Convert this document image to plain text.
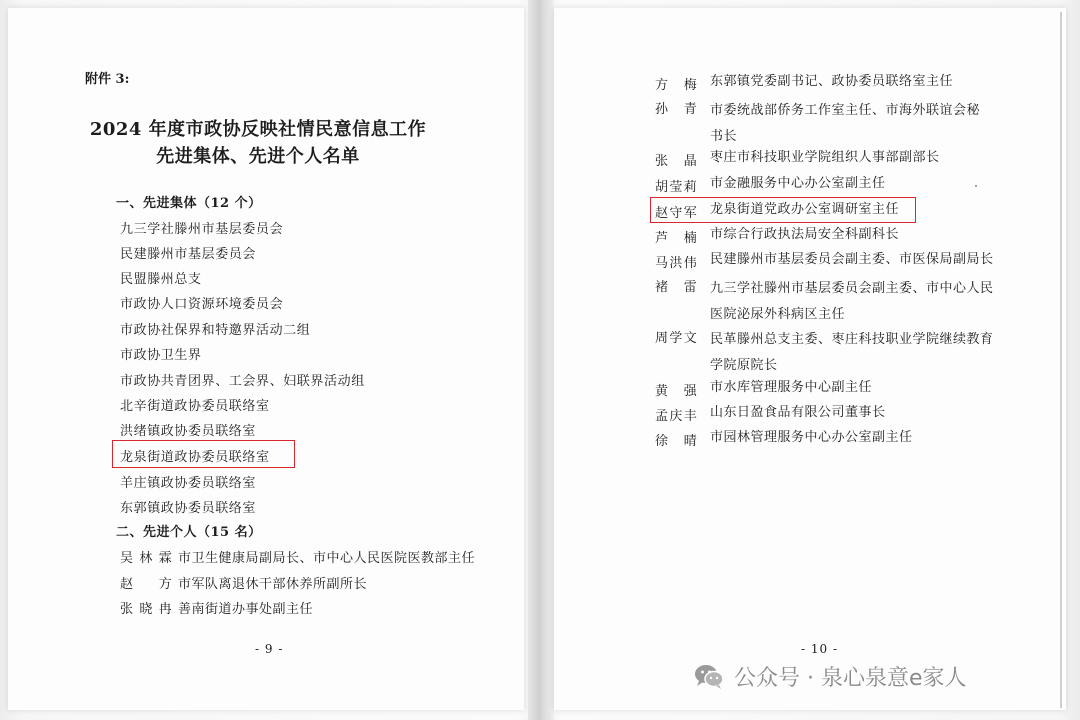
附件 3:
2024 年度市政协反映社情民意信息工作
先进集体、先进个人名单
一、先进集体（12 个）
九三学社滕州市基层委员会
民建滕州市基层委员会
民盟滕州总支
市政协人口资源环境委员会
市政协社保界和特邀界活动二组
市政协卫生界
市政协共青团界、工会界、妇联界活动组
北辛街道政协委员联络室
洪绪镇政协委员联络室
龙泉街道政协委员联络室
羊庄镇政协委员联络室
东郭镇政协委员联络室
二、先进个人（15 名）
吴林霖 市卫生健康局副局长、市中心人民医院医教部主任
赵方 市军队离退休干部休养所副所长
张晓冉 善南街道办事处副主任
- 9 -
方梅 东郭镇党委副书记、政协委员联络室主任
孙青 市委统战部侨务工作室主任、市海外联谊会秘书长
张晶 枣庄市科技职业学院组织人事部副部长
胡莹莉 市金融服务中心办公室副主任
赵守军 龙泉街道党政办公室调研室主任
芦楠 市综合行政执法局安全科副科长
马洪伟 民建滕州市基层委员会副主委、市医保局副局长
褚雷 九三学社滕州市基层委员会副主委、市中心人民医院泌尿外科病区主任
周学文 民革滕州总支主委、枣庄科技职业学院继续教育学院原院长
黄强 市水库管理服务中心副主任
孟庆丰 山东日盈食品有限公司董事长
徐晴 市园林管理服务中心办公室副主任
- 10 -
公众号 · 泉心泉意e家人
